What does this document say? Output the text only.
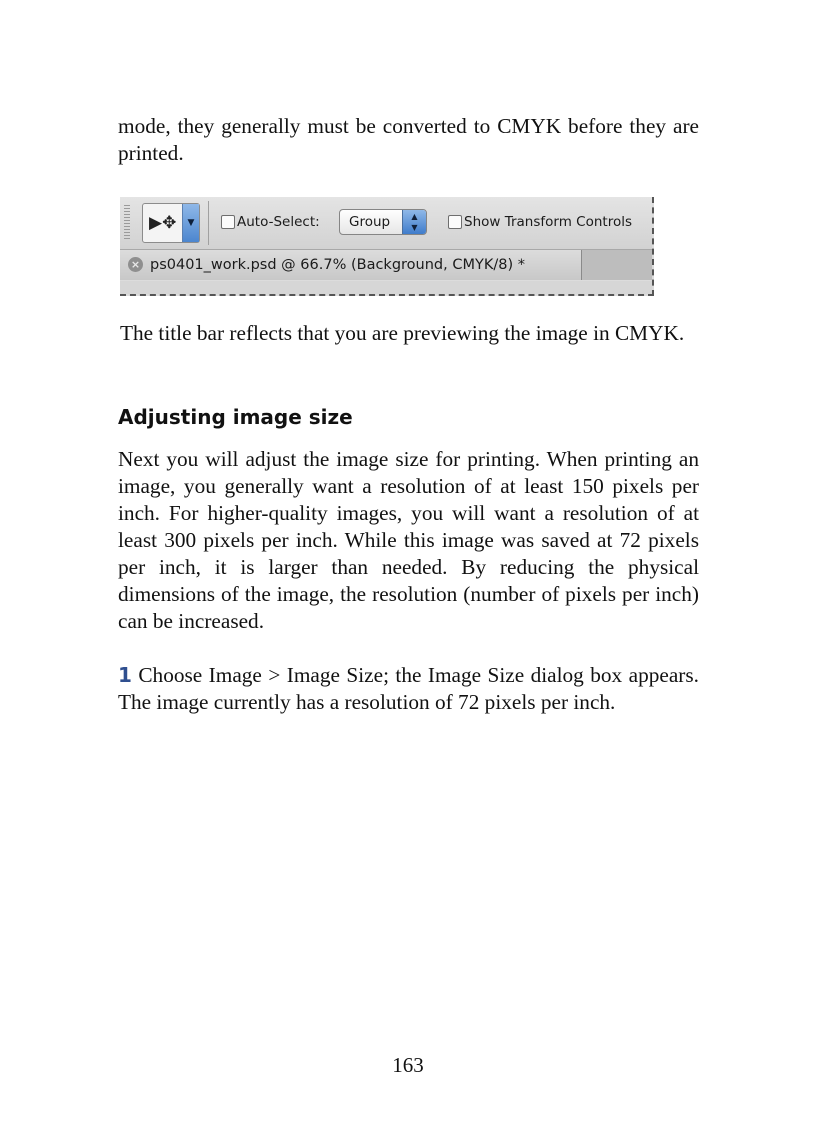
mode, they generally must be converted to CMYK before they are printed.
▶✥	▼	Auto-Select: Group	▲
▼	Show Transform Controls
× ps0401_work.psd @ 66.7% (Background, CMYK/8) *
The title bar reflects that you are previewing the image in CMYK.
Adjusting image size
Next you will adjust the image size for printing. When printing an image, you generally want a resolution of at least 150 pixels per inch. For higher-quality images, you will want a resolution of at least 300 pixels per inch. While this image was saved at 72 pixels per inch, it is larger than needed. By reducing the physical dimensions of the image, the resolution (number of pixels per inch) can be increased.
1 Choose Image > Image Size; the Image Size dialog box appears. The image currently has a resolution of 72 pixels per inch.
163
